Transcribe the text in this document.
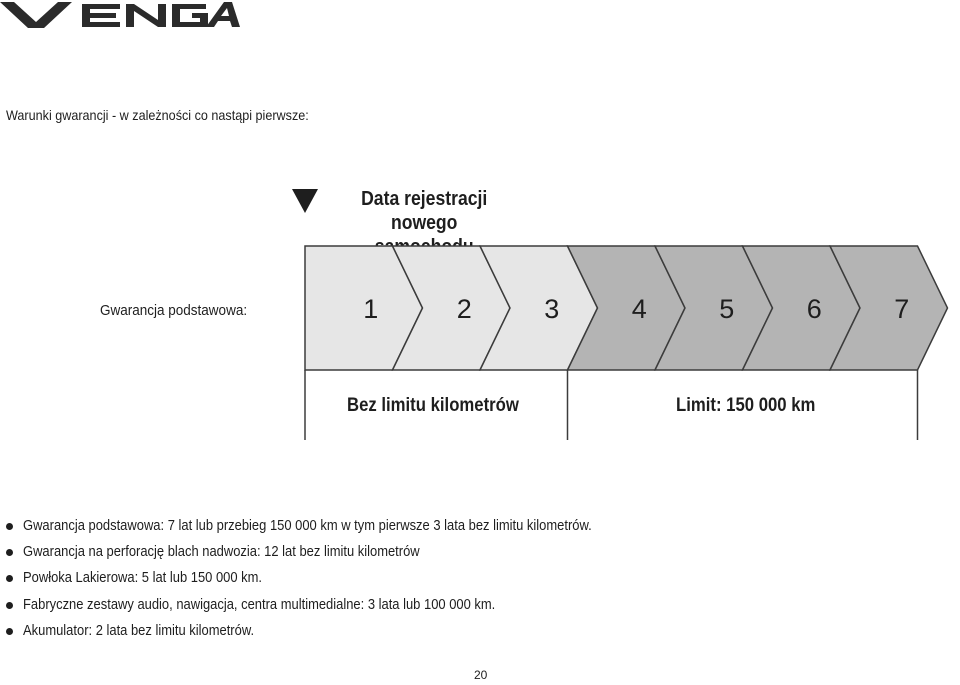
Warunki gwarancji - w zależności co nastąpi pierwsze:
Data rejestracji nowego
Gwarancja podstawowa:	1	2	3	4	5	6	7
Bez limitu kilometrów	Limit: 150 000 km
Gwarancja podstawowa: 7 lat lub przebieg 150 000 km w tym pierwsze 3 lata bez limitu kilometrów.
Gwarancja na perforację blach nadwozia: 12 lat bez limitu kilometrów
Powłoka Lakierowa: 5 lat lub 150 000 km.
Fabryczne zestawy audio, nawigacja, centra multimedialne: 3 lata lub 100 000 km.
Akumulator: 2 lata bez limitu kilometrów.
20
